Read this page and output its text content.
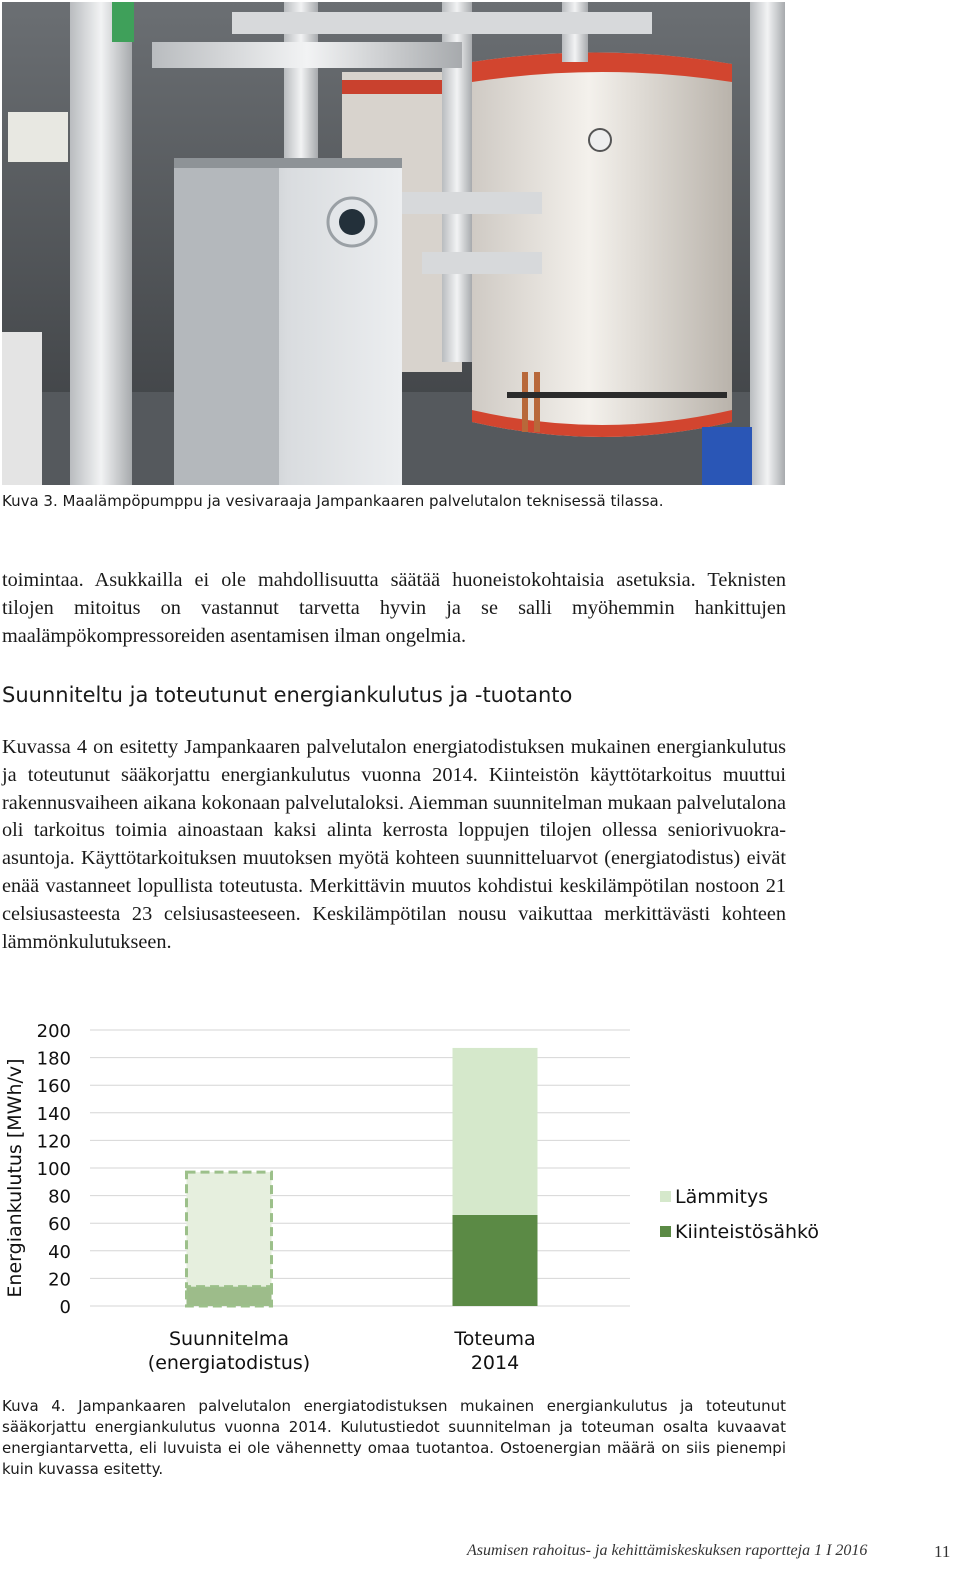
Kuva 3. Maalämpöpumppu ja vesivaraaja Jampankaaren palvelutalon teknisessä tilassa.

toimintaa. Asukkailla ei ole mahdollisuutta säätää huoneistokohtaisia asetuksia. Teknisten tilojen mitoitus on vastannut tarvetta hyvin ja se salli myöhemmin hankittujen maalämpökompressoreiden asentamisen ilman ongelmia.

Suunniteltu ja toteutunut energiankulutus ja -tuotanto

Kuvassa 4 on esitetty Jampankaaren palvelutalon energiatodistuksen mukainen energiankulutus ja toteutunut sääkorjattu energiankulutus vuonna 2014. Kiinteistön käyttötarkoitus muuttui rakennusvaiheen aikana kokonaan palvelutaloksi. Aiemman suunnitelman mukaan palvelutalona oli tarkoitus toimia ainoastaan kaksi alinta kerrosta loppujen tilojen ollessa seniorivuokra-asuntoja. Käyttötarkoituksen muutoksen myötä kohteen suunnitteluarvot (energiatodistus) eivät enää vastanneet lopullista toteutusta. Merkittävin muutos kohdistui keskilämpötilan nostoon 21 celsiusasteesta 23 celsiusasteeseen. Keskilämpötilan nousu vaikuttaa merkittävästi kohteen lämmönkulutukseen.

0
20
40
60
80
100
120
140
160
180
200
Suunnitelma
(energiatodistus)
Toteuma
2014
Lämmitys
Kiinteistösähkö
Energiankulutus [MWh/v]
Kuva 4. Jampankaaren palvelutalon energiatodistuksen mukainen energiankulutus ja toteutunut sääkorjattu energiankulutus vuonna 2014. Kulutustiedot suunnitelman ja toteuman osalta kuvaavat energiantarvetta, eli luvuista ei ole vähennetty omaa tuotantoa. Ostoenergian määrä on siis pienempi kuin kuvassa esitetty.
Asumisen rahoitus- ja kehittämiskeskuksen raportteja 1 I 2016	11
